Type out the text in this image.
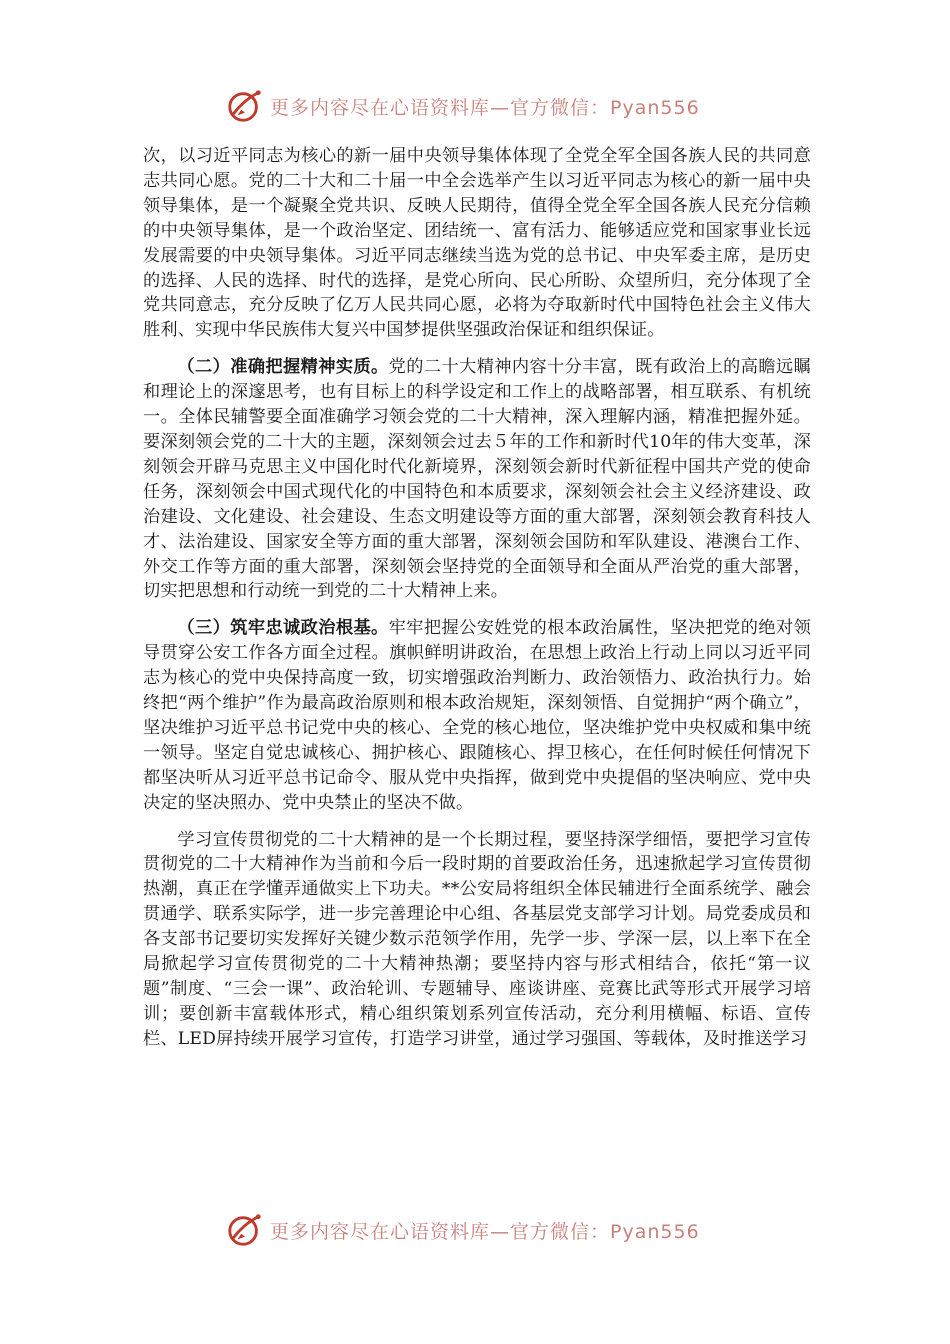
更多内容尽在心语资料库—官方微信：Pyan556

次，以习近平同志为核心的新一届中央领导集体体现了全党全军全国各族人民的共同意志共同心愿。党的二十大和二十届一中全会选举产生以习近平同志为核心的新一届中央领导集体，是一个凝聚全党共识、反映人民期待，值得全党全军全国各族人民充分信赖的中央领导集体，是一个政治坚定、团结统一、富有活力、能够适应党和国家事业长远发展需要的中央领导集体。习近平同志继续当选为党的总书记、中央军委主席，是历史的选择、人民的选择、时代的选择，是党心所向、民心所盼、众望所归，充分体现了全党共同意志，充分反映了亿万人民共同心愿，必将为夺取新时代中国特色社会主义伟大胜利、实现中华民族伟大复兴中国梦提供坚强政治保证和组织保证。

（二）准确把握精神实质。党的二十大精神内容十分丰富，既有政治上的高瞻远瞩和理论上的深邃思考，也有目标上的科学设定和工作上的战略部署，相互联系、有机统一。全体民辅警要全面准确学习领会党的二十大精神，深入理解内涵，精准把握外延。要深刻领会党的二十大的主题，深刻领会过去５年的工作和新时代10年的伟大变革，深刻领会开辟马克思主义中国化时代化新境界，深刻领会新时代新征程中国共产党的使命任务，深刻领会中国式现代化的中国特色和本质要求，深刻领会社会主义经济建设、政治建设、文化建设、社会建设、生态文明建设等方面的重大部署，深刻领会教育科技人才、法治建设、国家安全等方面的重大部署，深刻领会国防和军队建设、港澳台工作、外交工作等方面的重大部署，深刻领会坚持党的全面领导和全面从严治党的重大部署，切实把思想和行动统一到党的二十大精神上来。

（三）筑牢忠诚政治根基。牢牢把握公安姓党的根本政治属性，坚决把党的绝对领导贯穿公安工作各方面全过程。旗帜鲜明讲政治，在思想上政治上行动上同以习近平同志为核心的党中央保持高度一致，切实增强政治判断力、政治领悟力、政治执行力。始终把“两个维护”作为最高政治原则和根本政治规矩，深刻领悟、自觉拥护“两个确立”，坚决维护习近平总书记党中央的核心、全党的核心地位，坚决维护党中央权威和集中统一领导。坚定自觉忠诚核心、拥护核心、跟随核心、捍卫核心，在任何时候任何情况下都坚决听从习近平总书记命令、服从党中央指挥，做到党中央提倡的坚决响应、党中央决定的坚决照办、党中央禁止的坚决不做。

学习宣传贯彻党的二十大精神的是一个长期过程，要坚持深学细悟，要把学习宣传贯彻党的二十大精神作为当前和今后一段时期的首要政治任务，迅速掀起学习宣传贯彻热潮，真正在学懂弄通做实上下功夫。**公安局将组织全体民辅进行全面系统学、融会贯通学、联系实际学，进一步完善理论中心组、各基层党支部学习计划。局党委成员和各支部书记要切实发挥好关键少数示范领学作用，先学一步、学深一层，以上率下在全局掀起学习宣传贯彻党的二十大精神热潮；要坚持内容与形式相结合，依托“第一议题”制度、“三会一课”、政治轮训、专题辅导、座谈讲座、竞赛比武等形式开展学习培训；要创新丰富载体形式，精心组织策划系列宣传活动，充分利用横幅、标语、宣传栏、LED屏持续开展学习宣传，打造学习讲堂，通过学习强国、等载体，及时推送学习

更多内容尽在心语资料库—官方微信：Pyan556
